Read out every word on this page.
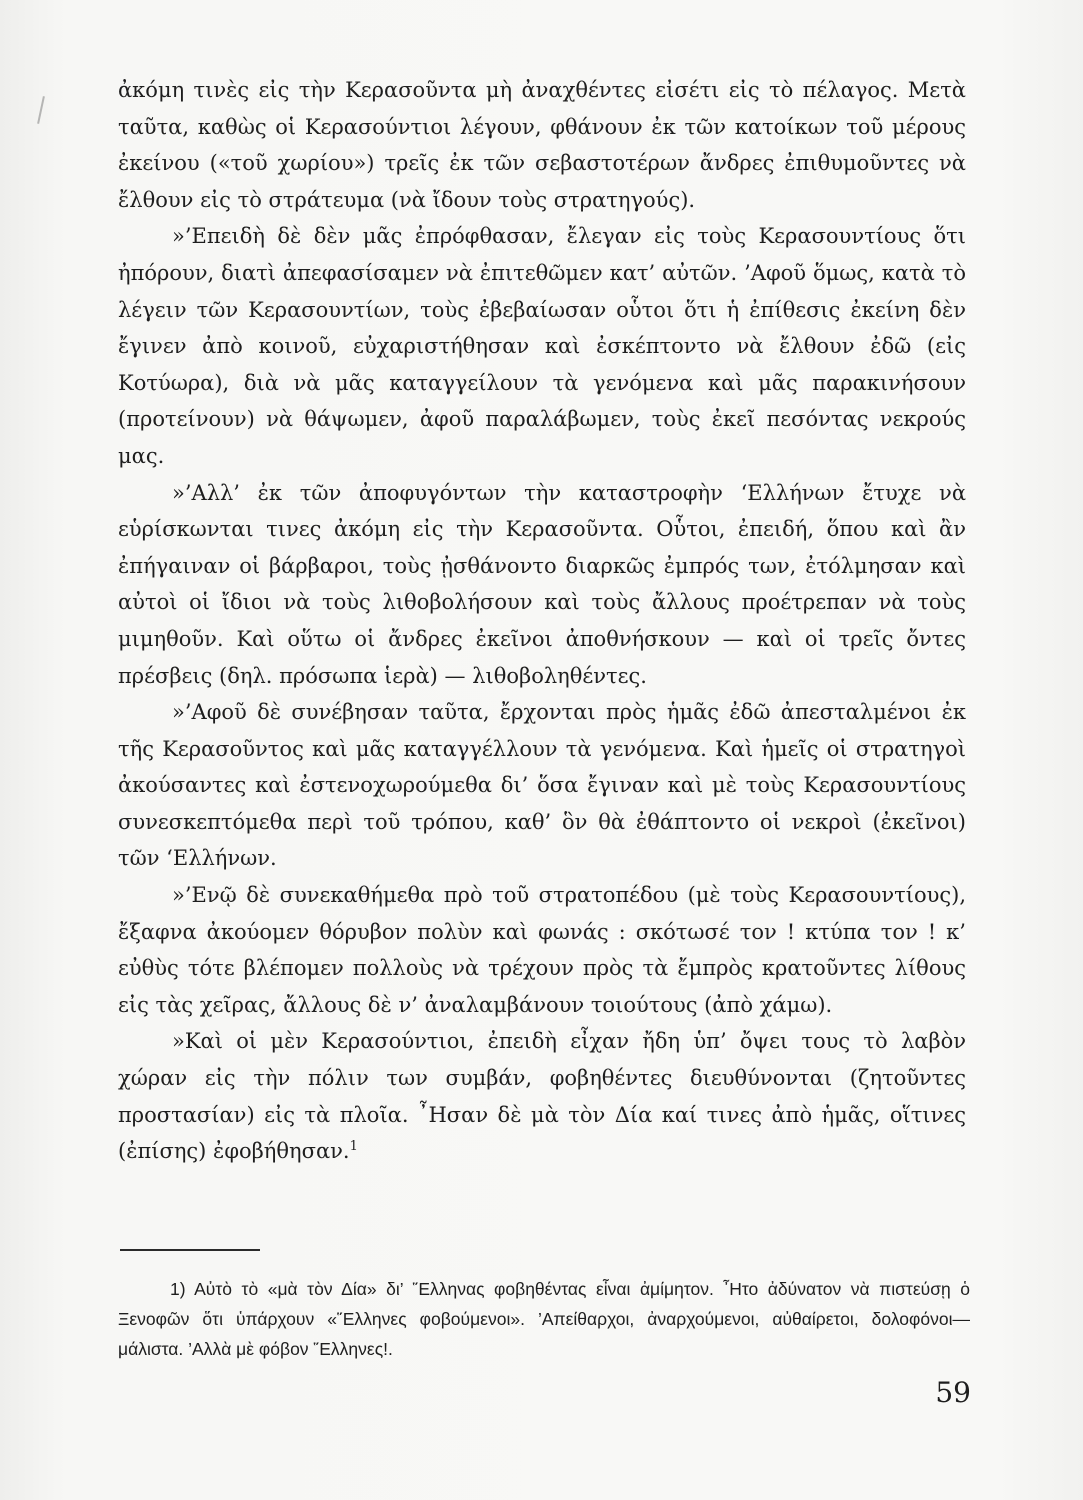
ἀκόμη τινὲς εἰς τὴν Κερασοῦντα μὴ ἀναχθέντες εἰσέτι εἰς τὸ πέλαγος. Μετὰ ταῦτα, καθὼς οἱ Κερασούντιοι λέγουν, φθάνουν ἐκ τῶν κατοίκων τοῦ μέρους ἐκείνου («τοῦ χωρίου») τρεῖς ἐκ τῶν σεβαστοτέρων ἄνδρες ἐπιθυμοῦντες νὰ ἔλθουν εἰς τὸ στράτευμα (νὰ ἴδουν τοὺς στρατηγούς).

»’Επειδὴ δὲ δὲν μᾶς ἐπρόφθασαν, ἔλεγαν εἰς τοὺς Κερασουντίους ὅτι ἠπόρουν, διατὶ ἀπεφασίσαμεν νὰ ἐπιτεθῶμεν κατ’ αὐτῶν. ’Αφοῦ ὅμως, κατὰ τὸ λέγειν τῶν Κερασουντίων, τοὺς ἐβεβαίωσαν οὗτοι ὅτι ἡ ἐπίθεσις ἐκείνη δὲν ἔγινεν ἀπὸ κοινοῦ, εὐχαριστήθησαν καὶ ἐσκέπτοντο νὰ ἔλθουν ἐδῶ (εἰς Κοτύωρα), διὰ νὰ μᾶς καταγγείλουν τὰ γενόμενα καὶ μᾶς παρακινήσουν (προτείνουν) νὰ θάψωμεν, ἀφοῦ παραλάβωμεν, τοὺς ἐκεῖ πεσόντας νεκρούς μας.

»’Αλλ’ ἐκ τῶν ἀποφυγόντων τὴν καταστροφὴν ‘Ελλήνων ἔτυχε νὰ εὑρίσκωνται τινες ἀκόμη εἰς τὴν Κερασοῦντα. Οὗτοι, ἐπειδή, ὅπου καὶ ἂν ἐπήγαιναν οἱ βάρβαροι, τοὺς ᾐσθάνοντο διαρκῶς ἐμπρός των, ἐτόλμησαν καὶ αὐτοὶ οἱ ἴδιοι νὰ τοὺς λιθοβολήσουν καὶ τοὺς ἄλλους προέτρεπαν νὰ τοὺς μιμηθοῦν. Καὶ οὕτω οἱ ἄνδρες ἐκεῖνοι ἀποθνήσκουν — καὶ οἱ τρεῖς ὄντες πρέσβεις (δηλ. πρόσωπα ἱερὰ) — λιθοβοληθέντες.

»’Αφοῦ δὲ συνέβησαν ταῦτα, ἔρχονται πρὸς ἡμᾶς ἐδῶ ἀπεσταλμένοι ἐκ τῆς Κερασοῦντος καὶ μᾶς καταγγέλλουν τὰ γενόμενα. Καὶ ἡμεῖς οἱ στρατηγοὶ ἀκούσαντες καὶ ἐστενοχωρούμεθα δι’ ὅσα ἔγιναν καὶ μὲ τοὺς Κερασουντίους συνεσκεπτόμεθα περὶ τοῦ τρόπου, καθ’ ὃν θὰ ἐθάπτοντο οἱ νεκροὶ (ἐκεῖνοι) τῶν ‘Ελλήνων.

»’Ενῷ δὲ συνεκαθήμεθα πρὸ τοῦ στρατοπέδου (μὲ τοὺς Κερασουντίους), ἔξαφνα ἀκούομεν θόρυβον πολὺν καὶ φωνάς : σκότωσέ τον ! κτύπα τον ! κ’ εὐθὺς τότε βλέπομεν πολλοὺς νὰ τρέχουν πρὸς τὰ ἔμπρὸς κρατοῦντες λίθους εἰς τὰς χεῖρας, ἄλλους δὲ ν’ ἀναλαμβάνουν τοιούτους (ἀπὸ χάμω).

»Καὶ οἱ μὲν Κερασούντιοι, ἐπειδὴ εἶχαν ἤδη ὑπ’ ὄψει τους τὸ λαβὸν χώραν εἰς τὴν πόλιν των συμβάν, φοβηθέντες διευθύνονται (ζητοῦντες προστασίαν) εἰς τὰ πλοῖα. ῏Ησαν δὲ μὰ τὸν Δία καί τινες ἀπὸ ἡμᾶς, οἵτινες (ἐπίσης) ἐφοβήθησαν.$^1$

1) Αὐτὸ τὸ «μὰ τὸν Δία» δι’ ῞Ελληνας φοβηθέντας εἶναι ἀμίμητον. ῏Ητο ἀδύνατον νὰ πιστεύσῃ ὁ Ξενοφῶν ὅτι ὑπάρχουν «῞Ελληνες φοβούμενοι». ’Απείθαρχοι, ἀναρχούμενοι, αὐθαίρετοι, δολοφόνοι—μάλιστα. ’Αλλὰ μὲ φόβον ῞Ελληνες!.

59
